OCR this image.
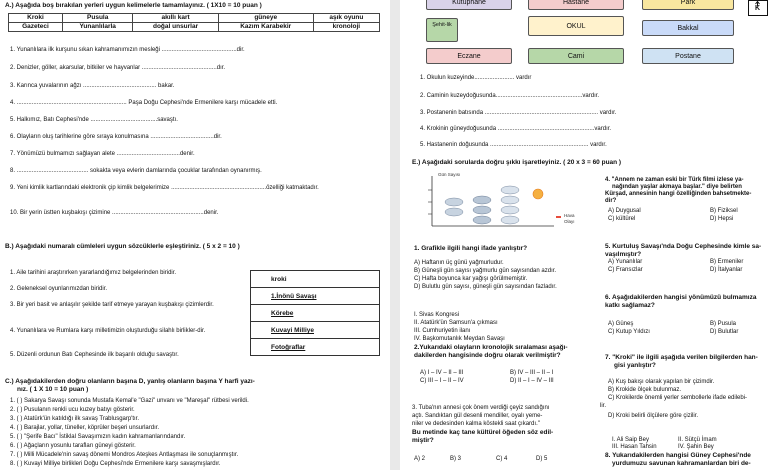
A.) Aşağıda boş bırakılan yerleri uygun kelimelerle tamamlayınız. ( 1X10 = 10 puan )
Kroki	Pusula	akıllı kart	güneye	aşık oyunu
Gazeteci	Yunanlılarla	doğal unsurlar	Kazım Karabekir	kronoloji
1. Yunanlılara ilk kurşunu sıkan kahramanımızın mesleği .............................................dir.
2. Denizler, göller, akarsular, bitkiler ve hayvanlar .............................................dır.
3. Karınca yuvalarının ağzı ............................................ bakar.
4. .................................................................. Paşa Doğu Cephesi'nde Ermenilere karşı mücadele etti.
5. Halkımız, Batı Cephesi'nde ........................................savaştı.
6. Olayların oluş tarihlerine göre sıraya konulmasına ......................................dir.
7. Yönümüzü bulmamızı sağlayan alete ......................................denir.
8. ........................................... sokakta veya evlerin damlarında çocuklar tarafından oynanırmış.
9. Yeni kimlik kartlarındaki elektronik çip kimlik belgelerimize .........................................................özelliği katmaktadır.
10. Bir yerin üstten kuşbakışı çizimine .......................................................denir.
B.) Aşağıdaki numaralı cümleleri uygun sözcüklerle eşleştiriniz. ( 5 x 2 = 10 )
1. Aile tarihini araştırırken yararlandığımız belgelerinden biridir.
2. Geleneksel oyunlarımızdan biridir.
3. Bir yeri basit ve anlaşılır şekilde tarif etmeye yarayan kuşbakışı çizimlerdir.
4. Yunanlılara ve Rumlara karşı milletimizin oluşturduğu silahlı birlikler-dir.
5. Düzenli ordunun Batı Cephesinde ilk başarılı olduğu savaştır.
kroki
1.İnönü Savaşı
Körebe
Kuvayi Milliye
Fotoğraflar
C.) Aşağıdakilerden doğru olanların başına D, yanlış olanların başına Y harfi yazı-
nız. ( 1 X 10 = 10 puan )
1. ( ) Sakarya Savaşı sonunda Mustafa Kemal'e "Gazi" unvanı ve "Mareşal" rütbesi verildi.
2. ( ) Pusulanın renkli ucu kuzey batıyı gösterir.
3. ( ) Atatürk'ün katıldığı ilk savaş Trablusgarp'tır.
4. ( ) Barajlar, yollar, tüneller, köprüler beşeri unsurlardır.
5. ( ) "Şerife Bacı" İstiklal Savaşımızın kadın kahramanlarındandır.
6. ( ) Ağaçların yosunlu tarafları güneyi gösterir.
7. ( ) Milli Mücadele'nin savaş dönemi Mondros Ateşkes Antlaşması ile sonuçlanmıştır.
8. ( ) Kuvayi Milliye birlikleri Doğu Cephesi'nde Ermenilere karşı savaşmışlardır.
Kütüphane	Hastane	Park
Şehit-lik	OKUL	Bakkal
Eczane	Cami	Postane
K
1. Okulun kuzeyinde........................ vardır
2. Caminin kuzeydoğusunda....................................................vardır.
3. Postanenin batısında .................................................................... vardır.
4. Krokinin güneydoğusunda ..........................................................vardır.
5. Hastanenin doğusunda ........................................................... vardır.
E.) Aşağıdaki sorularda doğru şıkkı işaretleyiniz. ( 20 x 3 = 60 puan )
Gün Sayısı
Hava
Olayı
1. Grafikle ilgili hangi ifade yanlıştır?
A) Haftanın üç günü yağmurludur.
B) Güneşli gün sayısı yağmurlu gün sayısından azdır.
C) Hafta boyunca kar yağışı görülmemiştir.
D) Bulutlu gün sayısı, güneşli gün sayısından fazladır.
I. Sivas Kongresi
II. Atatürk'ün Samsun'a çıkması
III. Cumhuriyetin ilanı
IV. Başkomutanlık Meydan Savaşı
2.Yukarıdaki olayların kronolojik sıralaması aşağı-
dakilerden hangisinde doğru olarak verilmiştir?
A) I – IV – II – III	B) IV – III – II – I
C) III – I – II – IV	D) II – I – IV – III
3. Tuba'nın annesi çok önem verdiği çeyiz sandığını
açtı. Sandıktan gül desenli mendiller, oyalı yeme-
niler ve dedesinden kalma köstekli saat çıkardı."
Bu metinde kaç tane kültürel öğeden söz edil-
miştir?
A) 2	B) 3	C) 4	D) 5
4. "Annem ne zaman eski bir Türk filmi izlese ya-
nağından yaşlar akmaya başlar." diye belirten
Kürşad, annesinin hangi özelliğinden bahsetmekte-
dir?
A) Duygusal	B) Fiziksel
C) kültürel	D) Hepsi
5. Kurtuluş Savaşı'nda Doğu Cephesinde kimle sa-
vaşılmıştır?
A) Yunanlılar	B) Ermeniler
C) Fransızlar	D) İtalyanlar
6. Aşağıdakilerden hangisi yönümüzü bulmamıza
katkı sağlamaz?
A) Güneş	B) Pusula
C) Kutup Yıldızı	D) Bulutlar
7. "Kroki" ile ilgili aşağıda verilen bilgilerden han-
gisi yanlıştır?
A) Kuş bakışı olarak yapılan bir çizimdir.
B) Krokide ölçek bulunmaz.
C) Krokilerde önemli yerler sembollerle ifade edilebi-
lir.
D) Kroki belirli ölçülere göre çizilir.
I. Ali Saip Bey	II. Sütçü İmam
III. Hasan Tahsin	IV. Şahin Bey
8. Yukarıdakilerden hangisi Güney Cephesi'nde
yurdumuzu savunan kahramanlardan biri de-
